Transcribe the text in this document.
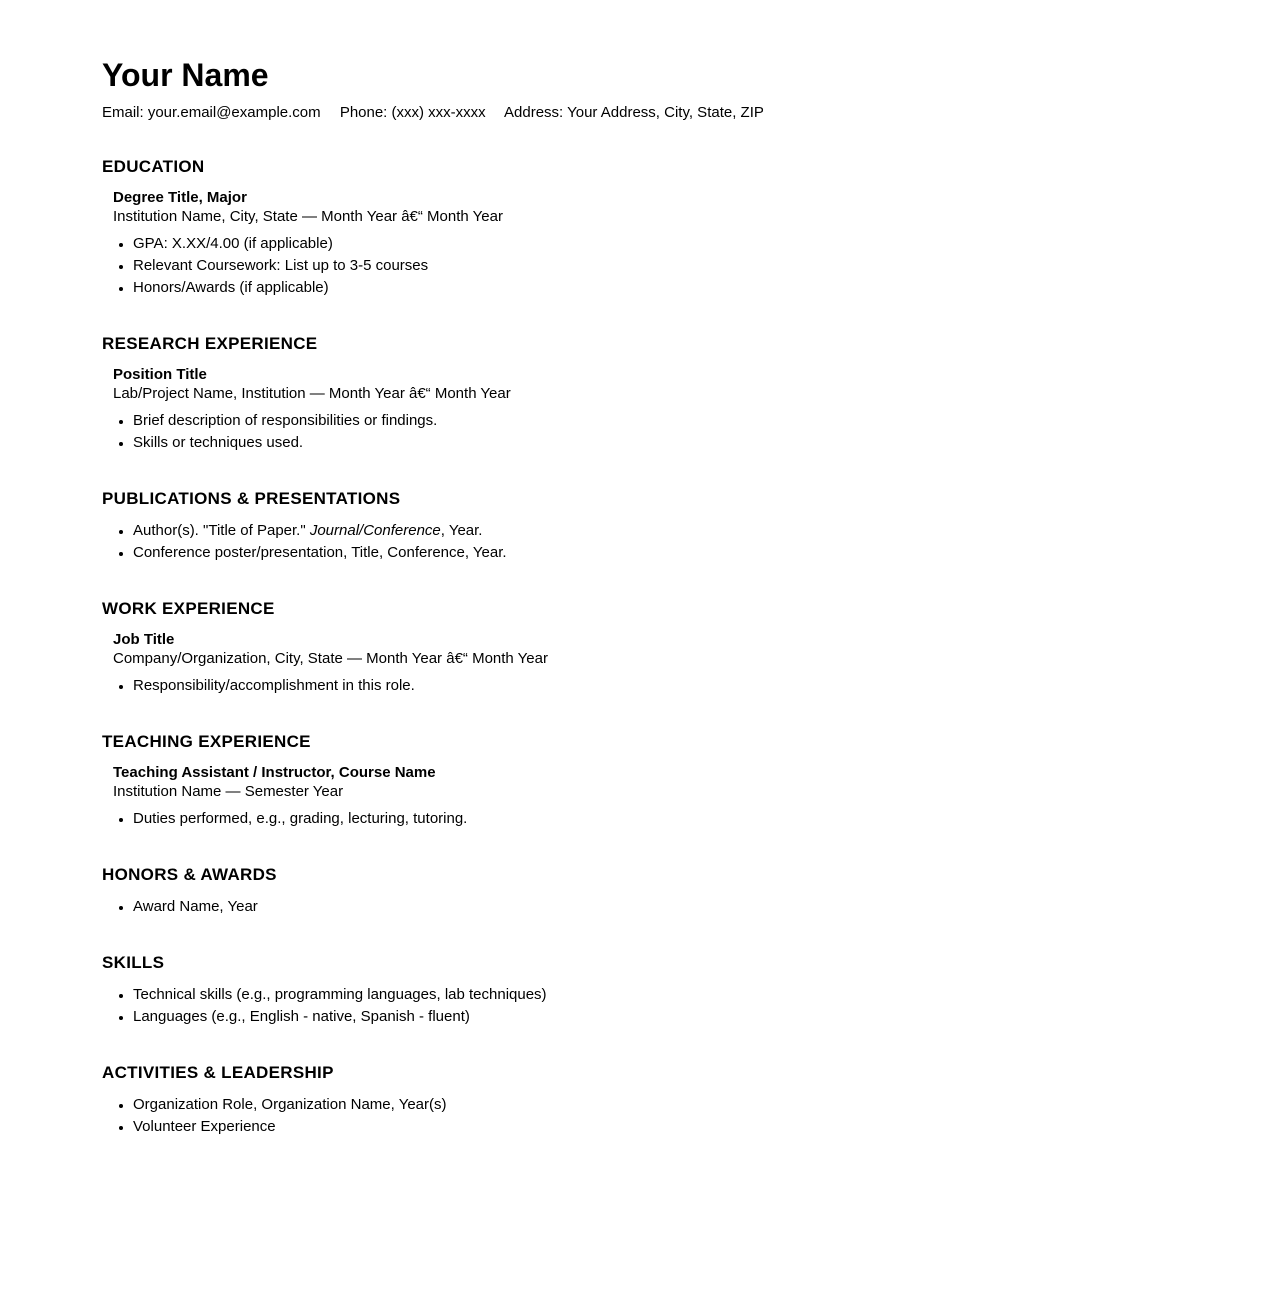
Your Name

Email: your.email@example.com Phone: (xxx) xxx-xxxx Address: Your Address, City, State, ZIP

EDUCATION

Degree Title, Major

Institution Name, City, State — Month Year â€“ Month Year

• GPA: X.XX/4.00 (if applicable)
• Relevant Coursework: List up to 3-5 courses
• Honors/Awards (if applicable)
RESEARCH EXPERIENCE

Position Title

Lab/Project Name, Institution — Month Year â€“ Month Year

• Brief description of responsibilities or findings.
• Skills or techniques used.
PUBLICATIONS & PRESENTATIONS
• Author(s). "Title of Paper." Journal/Conference, Year.
• Conference poster/presentation, Title, Conference, Year.
WORK EXPERIENCE

Job Title

Company/Organization, City, State — Month Year â€“ Month Year

• Responsibility/accomplishment in this role.
TEACHING EXPERIENCE

Teaching Assistant / Instructor, Course Name

Institution Name — Semester Year

• Duties performed, e.g., grading, lecturing, tutoring.
HONORS & AWARDS
• Award Name, Year
SKILLS
• Technical skills (e.g., programming languages, lab techniques)
• Languages (e.g., English - native, Spanish - fluent)
ACTIVITIES & LEADERSHIP
• Organization Role, Organization Name, Year(s)
• Volunteer Experience
